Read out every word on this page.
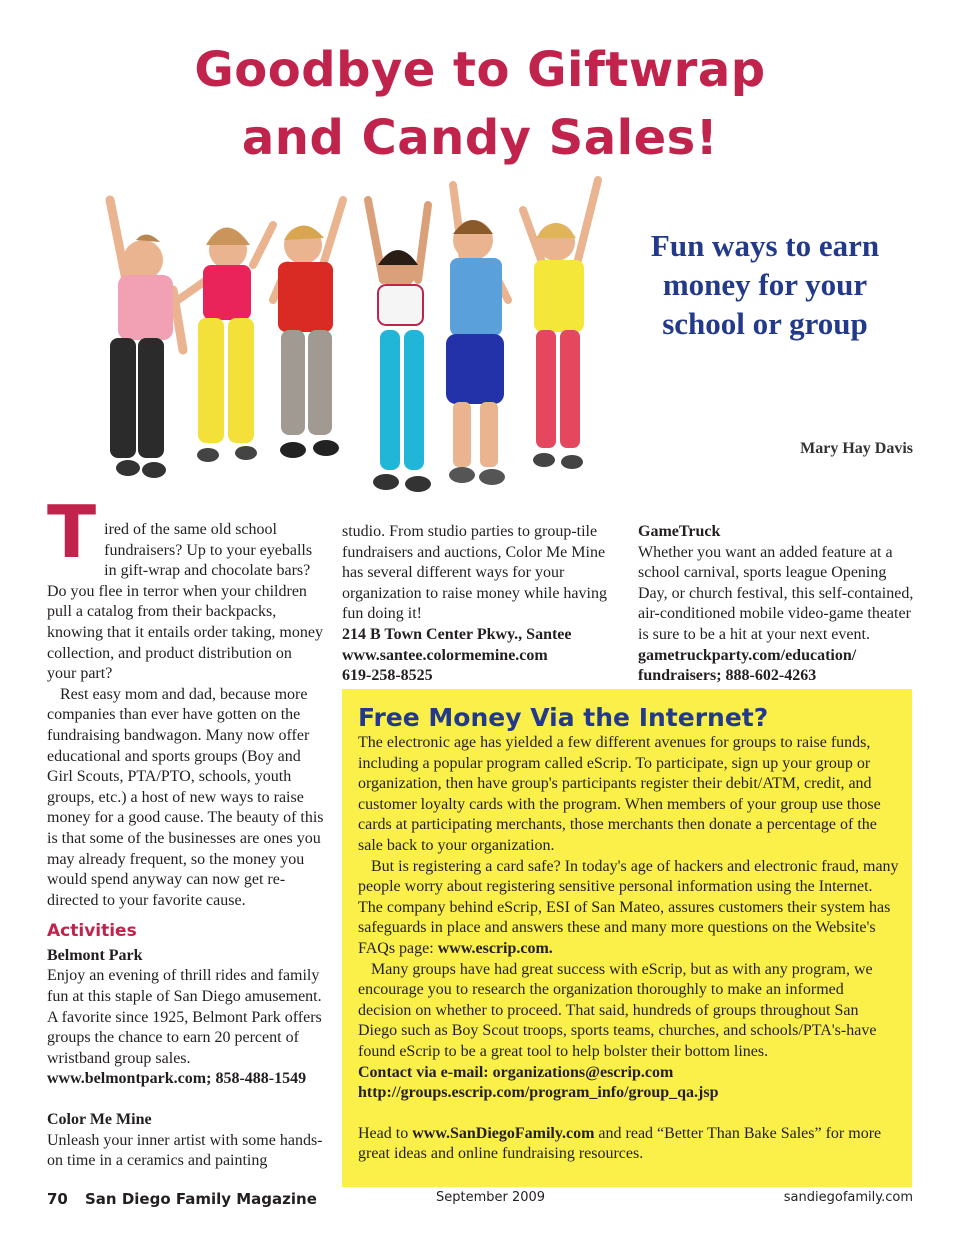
Goodbye to Giftwrap
and Candy Sales!
Fun ways to earn
money for your
school or group
Mary Hay Davis
T ired of the same old school fundraisers? Up to your eyeballs in gift-wrap and chocolate bars? Do you flee in terror when your children pull a catalog from their backpacks, knowing that it entails order taking, money collection, and product distribution on your part?

Rest easy mom and dad, because more companies than ever have gotten on the fundraising bandwagon. Many now offer educational and sports groups (Boy and Girl Scouts, PTA/PTO, schools, youth groups, etc.) a host of new ways to raise money for a good cause. The beauty of this is that some of the businesses are ones you may already frequent, so the money you would spend anyway can now get re-directed to your favorite cause.

Activities

Belmont Park

Enjoy an evening of thrill rides and family fun at this staple of San Diego amusement. A favorite since 1925, Belmont Park offers groups the chance to earn 20 percent of wristband group sales.

www.belmontpark.com; 858-488-1549

Color Me Mine

Unleash your inner artist with some hands-on time in a ceramics and painting

studio. From studio parties to group-tile fundraisers and auctions, Color Me Mine has several different ways for your organization to raise money while having fun doing it!

214 B Town Center Pkwy., Santee

www.santee.colormemine.com

619-258-8525

GameTruck

Whether you want an added feature at a school carnival, sports league Opening Day, or church festival, this self-contained, air-conditioned mobile video-game theater is sure to be a hit at your next event.

gametruckparty.com/education/ fundraisers; 888-602-4263

Free Money Via the Internet?

The electronic age has yielded a few different avenues for groups to raise funds, including a popular program called eScrip. To participate, sign up your group or organization, then have group's participants register their debit/ATM, credit, and customer loyalty cards with the program. When members of your group use those cards at participating merchants, those merchants then donate a percentage of the sale back to your organization.

But is registering a card safe? In today's age of hackers and electronic fraud, many people worry about registering sensitive personal information using the Internet. The company behind eScrip, ESI of San Mateo, assures customers their system has safeguards in place and answers these and many more questions on the Website's FAQs page: www.escrip.com.

Many groups have had great success with eScrip, but as with any program, we encourage you to research the organization thoroughly to make an informed decision on whether to proceed. That said, hundreds of groups throughout San Diego such as Boy Scout troops, sports teams, churches, and schools/PTA's-have found eScrip to be a great tool to help bolster their bottom lines.

Contact via e-mail: organizations@escrip.com

http://groups.escrip.com/program_info/group_qa.jsp

Head to www.SanDiegoFamily.com and read “Better Than Bake Sales” for more great ideas and online fundraising resources.

70 San Diego Family Magazine	September 2009	sandiegofamily.com
